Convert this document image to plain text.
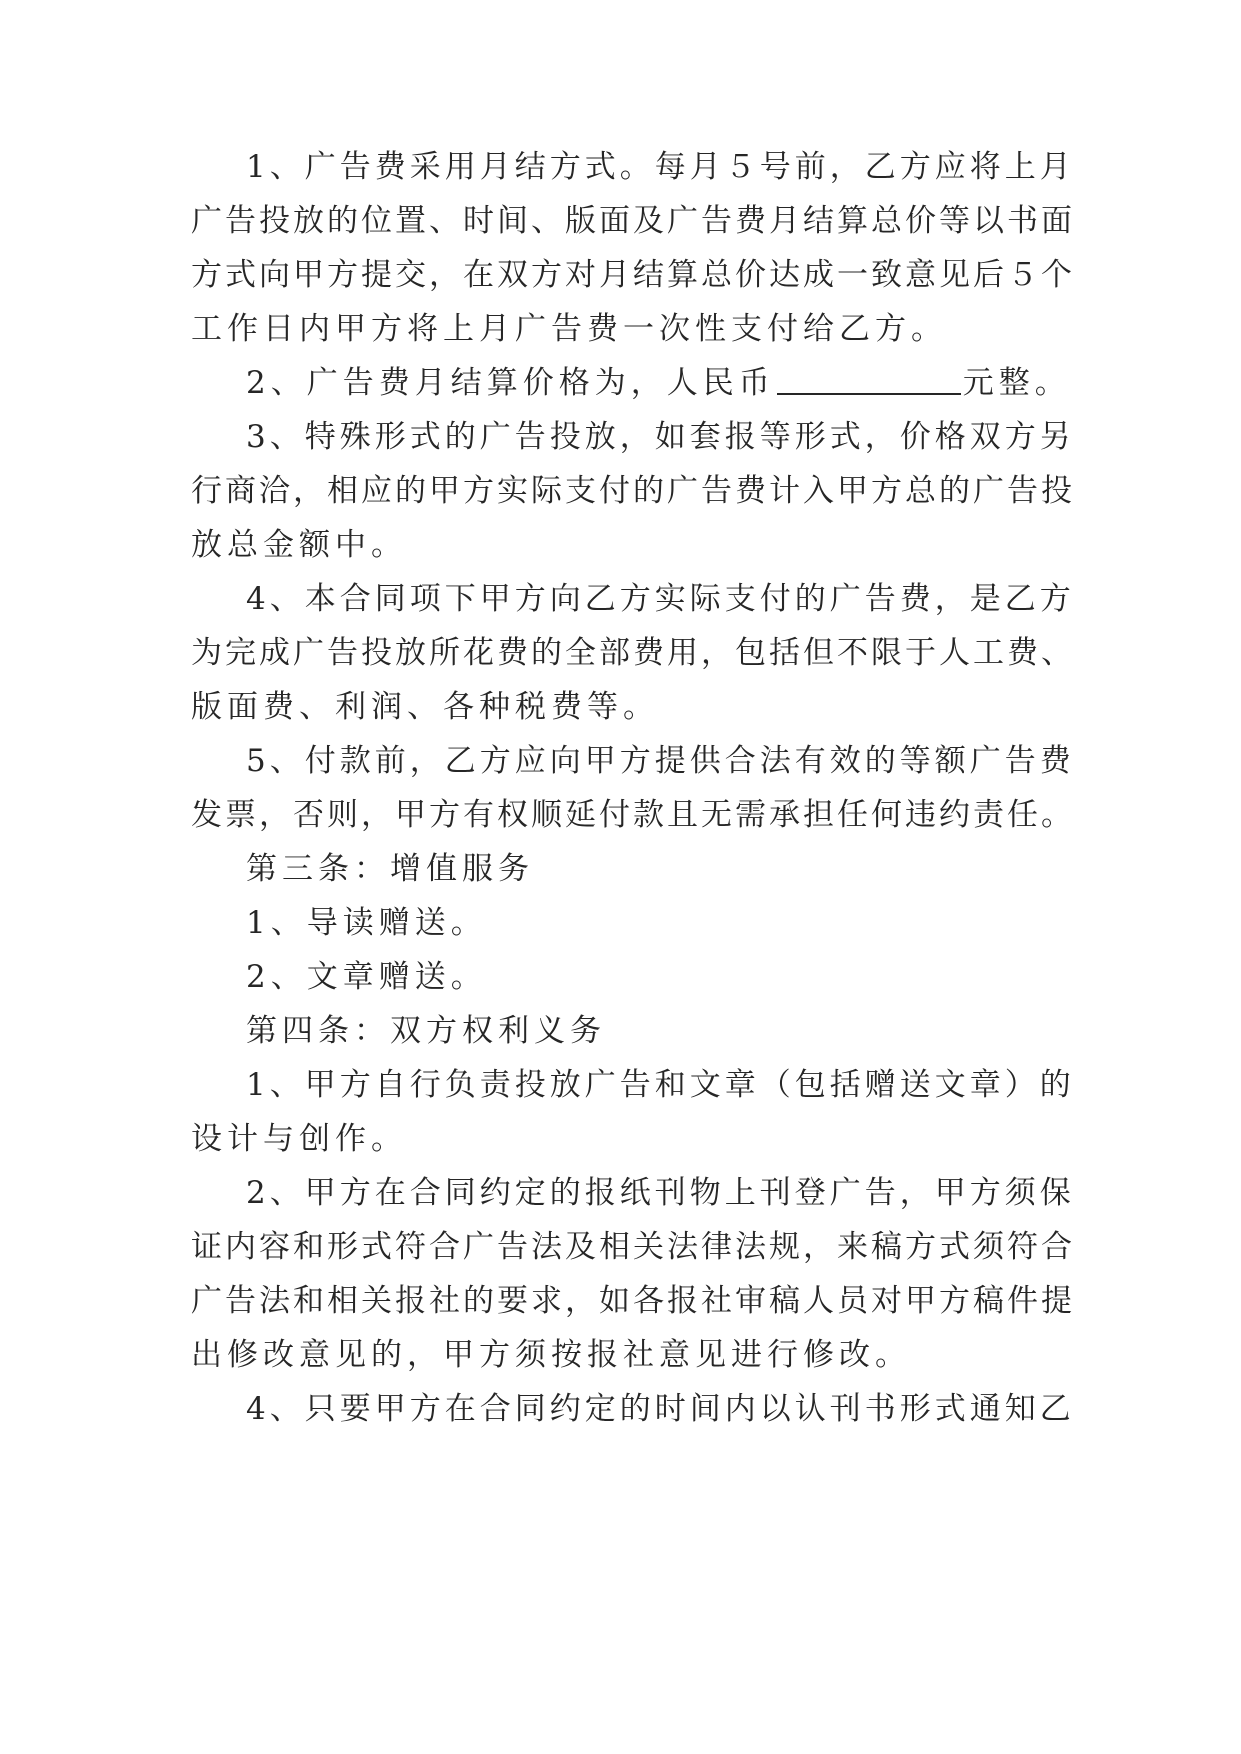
1、广告费采用月结方式。每月５号前，乙方应将上月
广告投放的位置、时间、版面及广告费月结算总价等以书面
方式向甲方提交，在双方对月结算总价达成一致意见后５个
工作日内甲方将上月广告费一次性支付给乙方。
2、广告费月结算价格为，人民币	元整。
3、特殊形式的广告投放，如套报等形式，价格双方另
行商洽，相应的甲方实际支付的广告费计入甲方总的广告投
放总金额中。
4、本合同项下甲方向乙方实际支付的广告费，是乙方
为完成广告投放所花费的全部费用，包括但不限于人工费、
版面费、利润、各种税费等。
5、付款前，乙方应向甲方提供合法有效的等额广告费
发票，否则，甲方有权顺延付款且无需承担任何违约责任。
第三条：增值服务
1、导读赠送。
2、文章赠送。
第四条：双方权利义务
1、甲方自行负责投放广告和文章（包括赠送文章）的
设计与创作。
2、甲方在合同约定的报纸刊物上刊登广告，甲方须保
证内容和形式符合广告法及相关法律法规，来稿方式须符合
广告法和相关报社的要求，如各报社审稿人员对甲方稿件提
出修改意见的，甲方须按报社意见进行修改。
4、只要甲方在合同约定的时间内以认刊书形式通知乙
